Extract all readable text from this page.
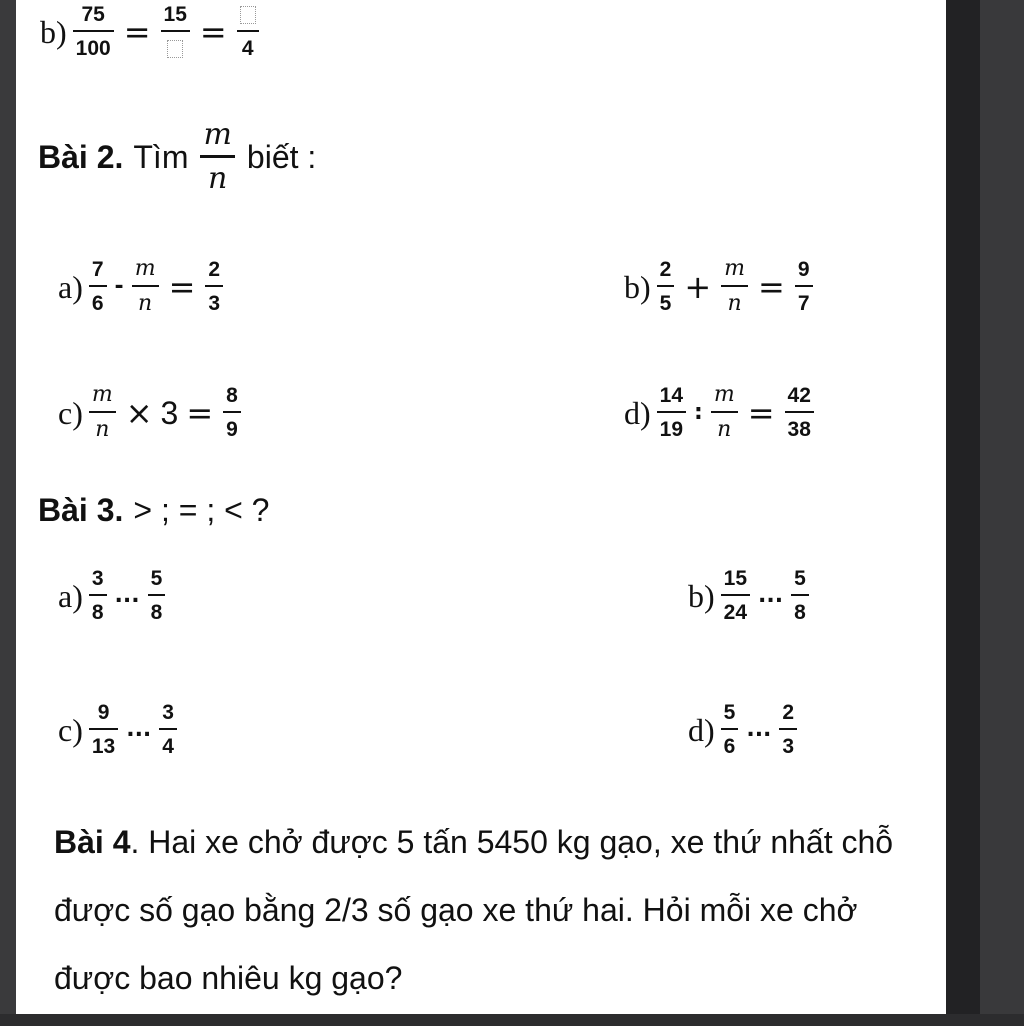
$b) \frac{75}{100} = 15 = 4$
Bài 2. Tìm $\frac{m}{n}$ biết :
$a) \frac{7}{6} - \frac{m}{n} = \frac{2}{3}$	$b) \frac{2}{5} + \frac{m}{n} = \frac{9}{7}$
$c) \frac{m}{n} \times 3 = \frac{8}{9}$	$d) \frac{14}{19}$ : $\frac{m}{n} = \frac{42}{38}$
Bài 3. > ; = ; < ?
$a) \frac{3}{8}$ ... $\frac{5}{8}$	$b) \frac{15}{24}$ ... $\frac{5}{8}$
$c) \frac{9}{13}$ ... $\frac{3}{4}$	$d) \frac{5}{6}$ ... $\frac{2}{3}$
Bài 4. Hai xe chở được 5 tấn 5450 kg gạo, xe thứ nhất chỗ được số gạo bằng 2/3 số gạo xe thứ hai. Hỏi mỗi xe chở được bao nhiêu kg gạo?
